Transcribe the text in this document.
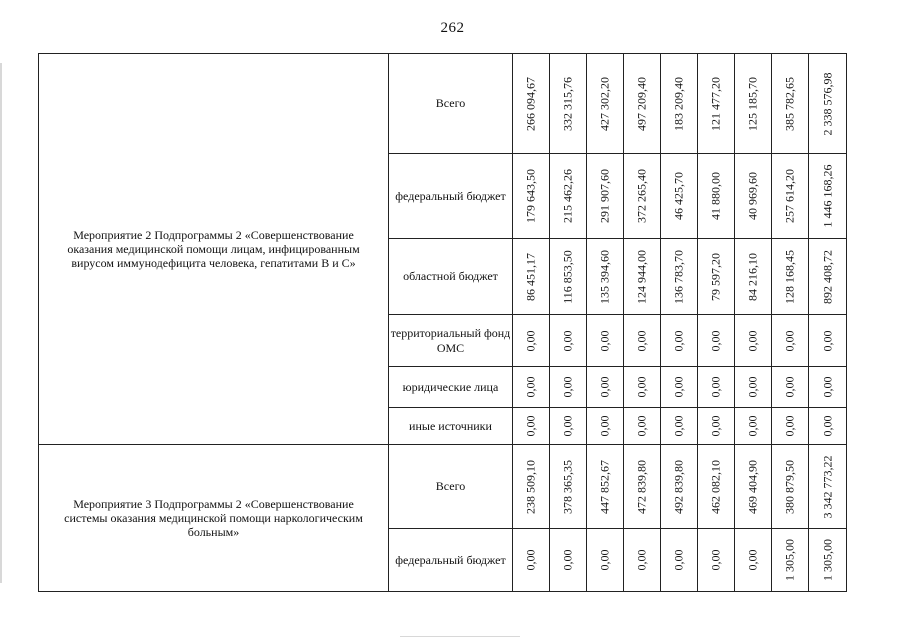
262
Мероприятие 2 Подпрограммы 2 «Совершенствование оказания медицинской помощи лицам, инфицированным вирусом иммунодефицита человека, гепатитами В и С»	Всего	266 094,67	332 315,76	427 302,20	497 209,40	183 209,40	121 477,20	125 185,70	385 782,65	2 338 576,98

	федеральный бюджет	179 643,50	215 462,26	291 907,60	372 265,40	46 425,70	41 880,00	40 969,60	257 614,20	1 446 168,26

	областной бюджет	86 451,17	116 853,50	135 394,60	124 944,00	136 783,70	79 597,20	84 216,10	128 168,45	892 408,72

	территориальный фонд ОМС	0,00	0,00	0,00	0,00	0,00	0,00	0,00	0,00	0,00

	юридические лица	0,00	0,00	0,00	0,00	0,00	0,00	0,00	0,00	0,00

	иные источники	0,00	0,00	0,00	0,00	0,00	0,00	0,00	0,00	0,00

Мероприятие 3 Подпрограммы 2 «Совершенствование системы оказания медицинской помощи наркологическим больным»	Всего	238 509,10	378 365,35	447 852,67	472 839,80	492 839,80	462 082,10	469 404,90	380 879,50	3 342 773,22

	федеральный бюджет	0,00	0,00	0,00	0,00	0,00	0,00	0,00	1 305,00	1 305,00
